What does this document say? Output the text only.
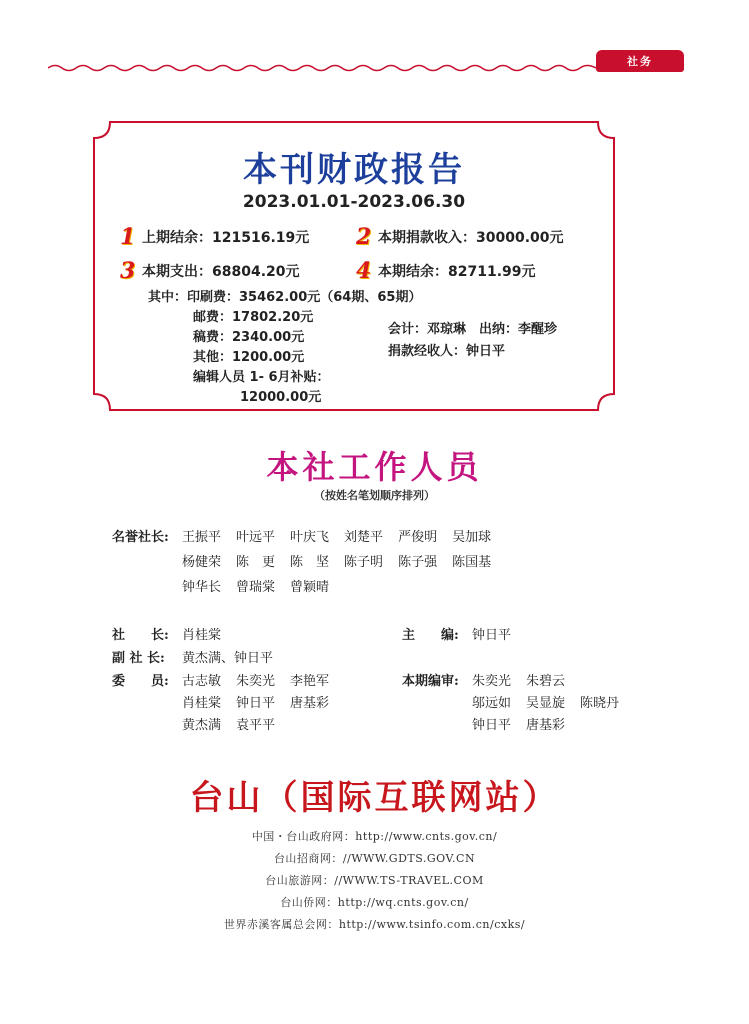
社务
本刊财政报告
2023.01.01-2023.06.30
1 上期结余：121516.19元 2 本期捐款收入：30000.00元
3 本期支出：68804.20元	4 本期结余：82711.99元
其中：印刷费：35462.00元（64期、65期）
邮费：17802.20元
稿费：2340.00元
其他：1200.00元
编辑人员 1- 6月补贴：
12000.00元
会计：邓琼琳　出纳：李醒珍
捐款经收人：钟日平
本社工作人员
（按姓名笔划顺序排列）
名誉社长: 王振平 叶远平 叶庆飞 刘楚平 严俊明 吴加球
杨健荣 陈　更 陈　坚 陈子明 陈子强 陈国基
钟华长 曾瑞棠 曾颖晴
社　　长: 肖桂棠
副 社 长: 黄杰满、钟日平
委　　员: 古志敏 朱奕光 李艳军
肖桂棠 钟日平 唐基彩
黄杰满 袁平平
主　　编: 钟日平
本期编审: 朱奕光 朱碧云
邬远如 吴显旋 陈晓丹
钟日平 唐基彩
台山（国际互联网站）
中国・台山政府网：http://www.cnts.gov.cn/
台山招商网：//WWW.GDTS.GOV.CN
台山旅游网：//WWW.TS-TRAVEL.COM
台山侨网：http://wq.cnts.gov.cn/
世界赤溪客属总会网：http://www.tsinfo.com.cn/cxks/
